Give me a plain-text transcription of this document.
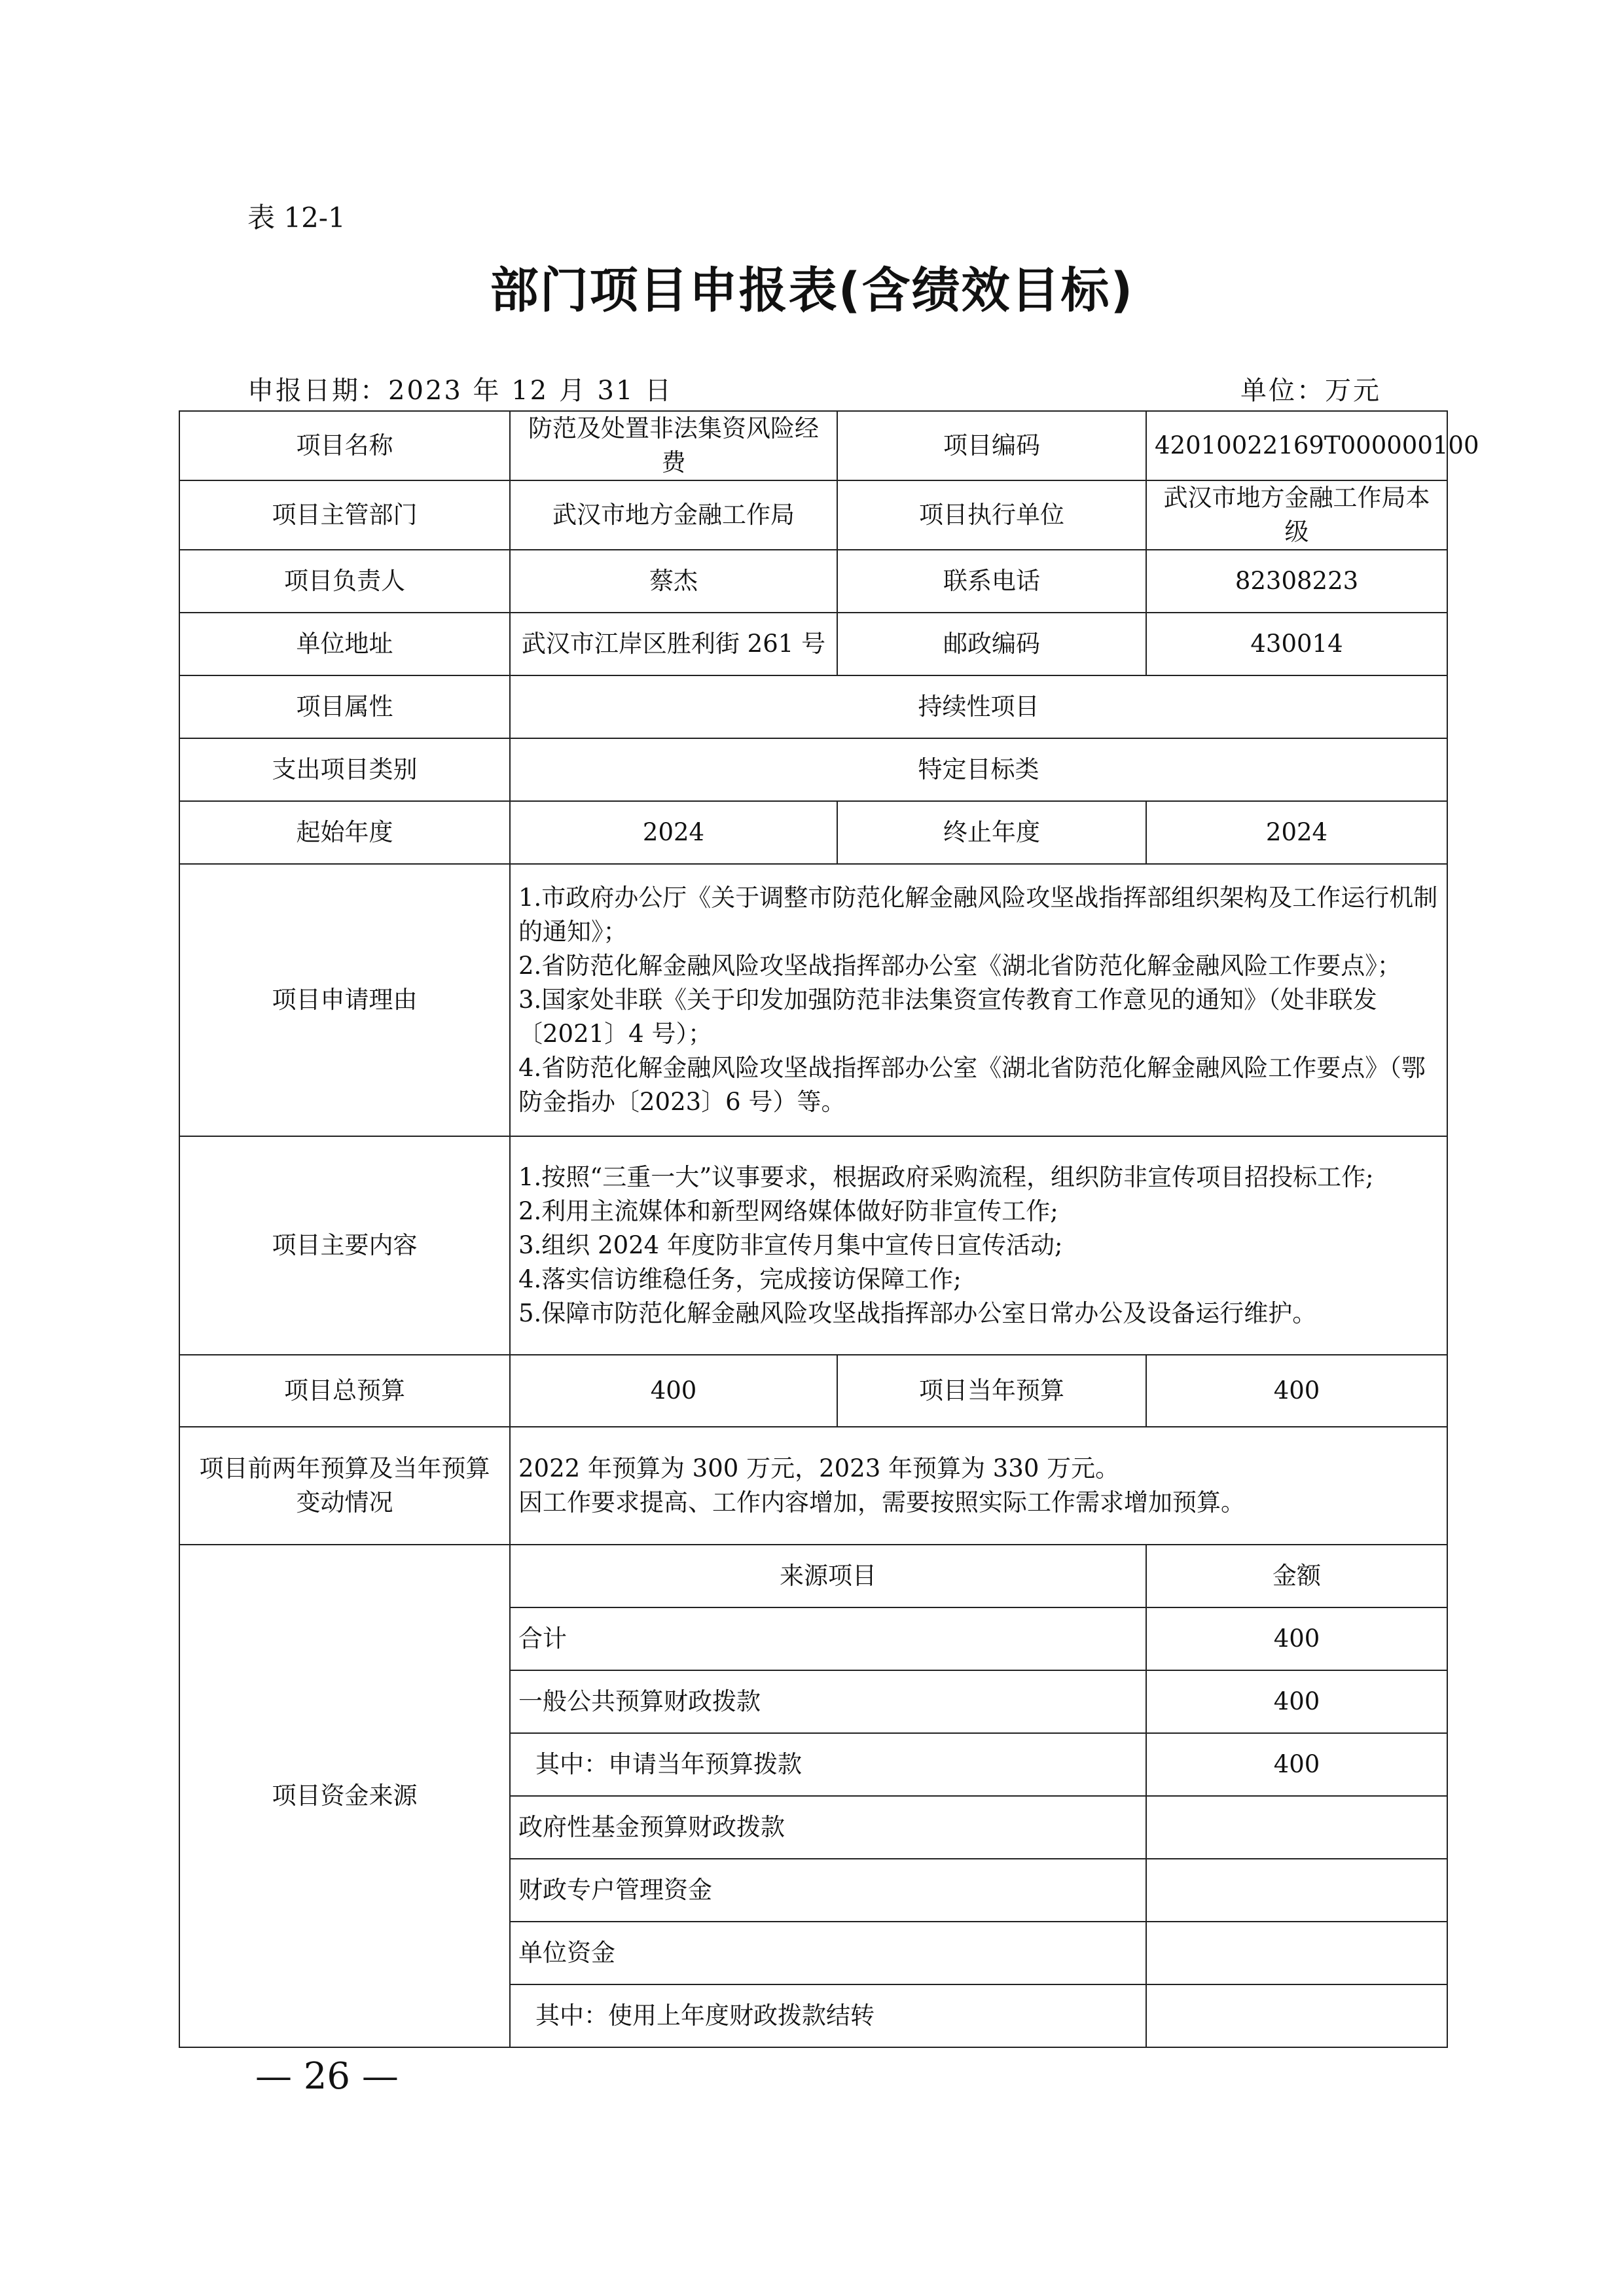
表 12-1
部门项目申报表(含绩效目标)
申报日期：2023 年 12 月 31 日	单位：万元
项目名称	防范及处置非法集资风险经费	项目编码	42010022169T000000100
项目主管部门	武汉市地方金融工作局	项目执行单位	武汉市地方金融工作局本级
项目负责人	蔡杰	联系电话	82308223
单位地址	武汉市江岸区胜利街 261 号	邮政编码	430014
项目属性	持续性项目		
支出项目类别	特定目标类		
起始年度	2024	终止年度	2024
项目申请理由	1.市政府办公厅《关于调整市防范化解金融风险攻坚战指挥部组织架构及工作运行机制的通知》；
2.省防范化解金融风险攻坚战指挥部办公室《湖北省防范化解金融风险工作要点》；
3.国家处非联《关于印发加强防范非法集资宣传教育工作意见的通知》（处非联发〔2021〕4 号）；
4.省防范化解金融风险攻坚战指挥部办公室《湖北省防范化解金融风险工作要点》（鄂防金指办〔2023〕6 号）等。		

项目主要内容	1.按照“三重一大”议事要求，根据政府采购流程，组织防非宣传项目招投标工作;
2.利用主流媒体和新型网络媒体做好防非宣传工作;
3.组织 2024 年度防非宣传月集中宣传日宣传活动;
4.落实信访维稳任务，完成接访保障工作;
5.保障市防范化解金融风险攻坚战指挥部办公室日常办公及设备运行维护。		

项目总预算	400	项目当年预算	400
项目前两年预算及当年预算变动情况	2022 年预算为 300 万元，2023 年预算为 330 万元。
因工作要求提高、工作内容增加，需要按照实际工作需求增加预算。		

项目资金来源	来源项目		金额
	合计		400
	一般公共预算财政拨款		400
	其中：申请当年预算拨款		400
	政府性基金预算财政拨款		
	财政专户管理资金		
	单位资金		
	其中：使用上年度财政拨款结转		
— 26 —
